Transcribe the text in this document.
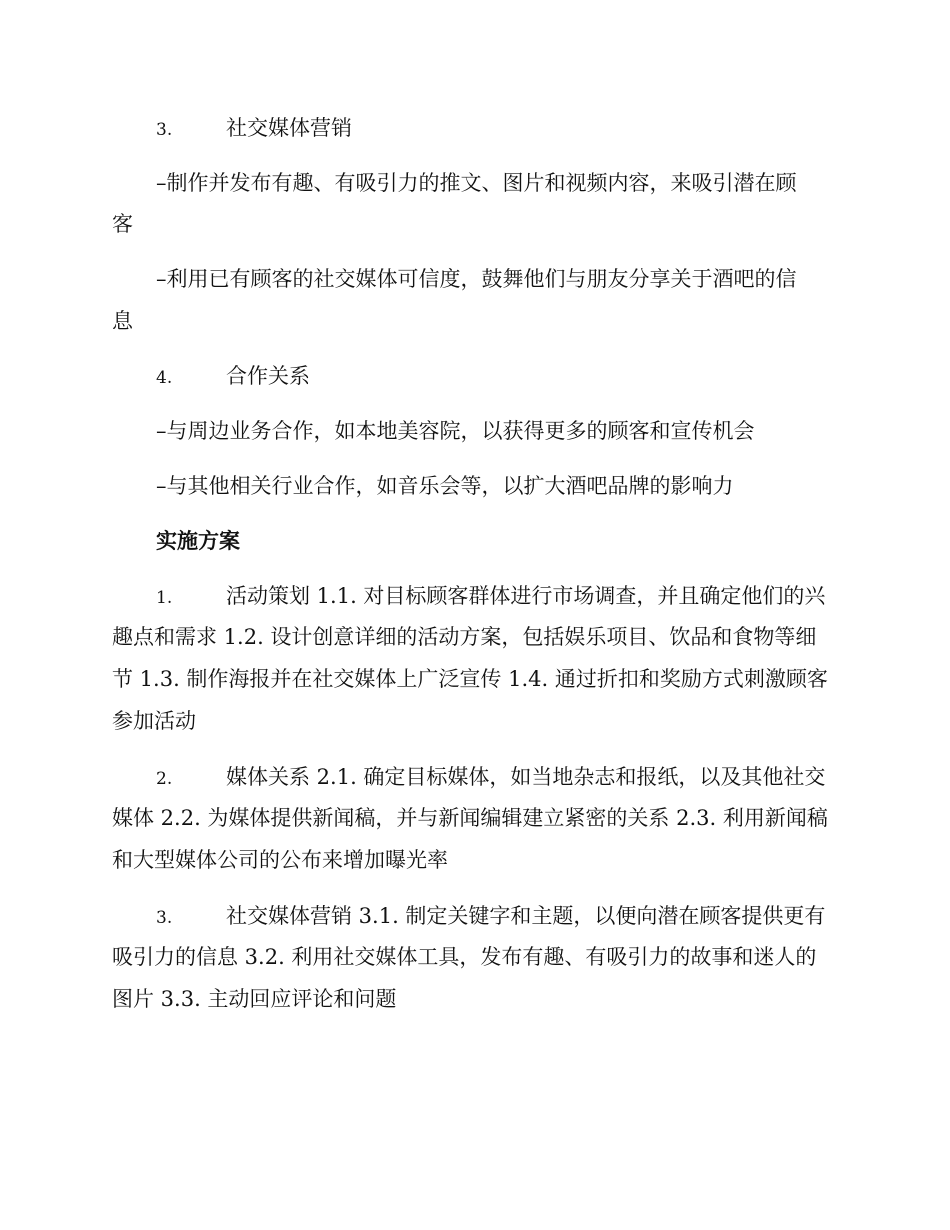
3.	社交媒体营销
–制作并发布有趣、有吸引力的推文、图片和视频内容，来吸引潜在顾
客
–利用已有顾客的社交媒体可信度，鼓舞他们与朋友分享关于酒吧的信
息
4.	合作关系
–与周边业务合作，如本地美容院，以获得更多的顾客和宣传机会
–与其他相关行业合作，如音乐会等，以扩大酒吧品牌的影响力
实施方案
1.	活动策划 1.1. 对目标顾客群体进行市场调查，并且确定他们的兴
趣点和需求 1.2. 设计创意详细的活动方案，包括娱乐项目、饮品和食物等细
节 1.3. 制作海报并在社交媒体上广泛宣传 1.4. 通过折扣和奖励方式刺激顾客
参加活动
2.	媒体关系 2.1. 确定目标媒体，如当地杂志和报纸，以及其他社交
媒体 2.2. 为媒体提供新闻稿，并与新闻编辑建立紧密的关系 2.3. 利用新闻稿
和大型媒体公司的公布来增加曝光率
3.	社交媒体营销 3.1. 制定关键字和主题，以便向潜在顾客提供更有
吸引力的信息 3.2. 利用社交媒体工具，发布有趣、有吸引力的故事和迷人的
图片 3.3. 主动回应评论和问题
